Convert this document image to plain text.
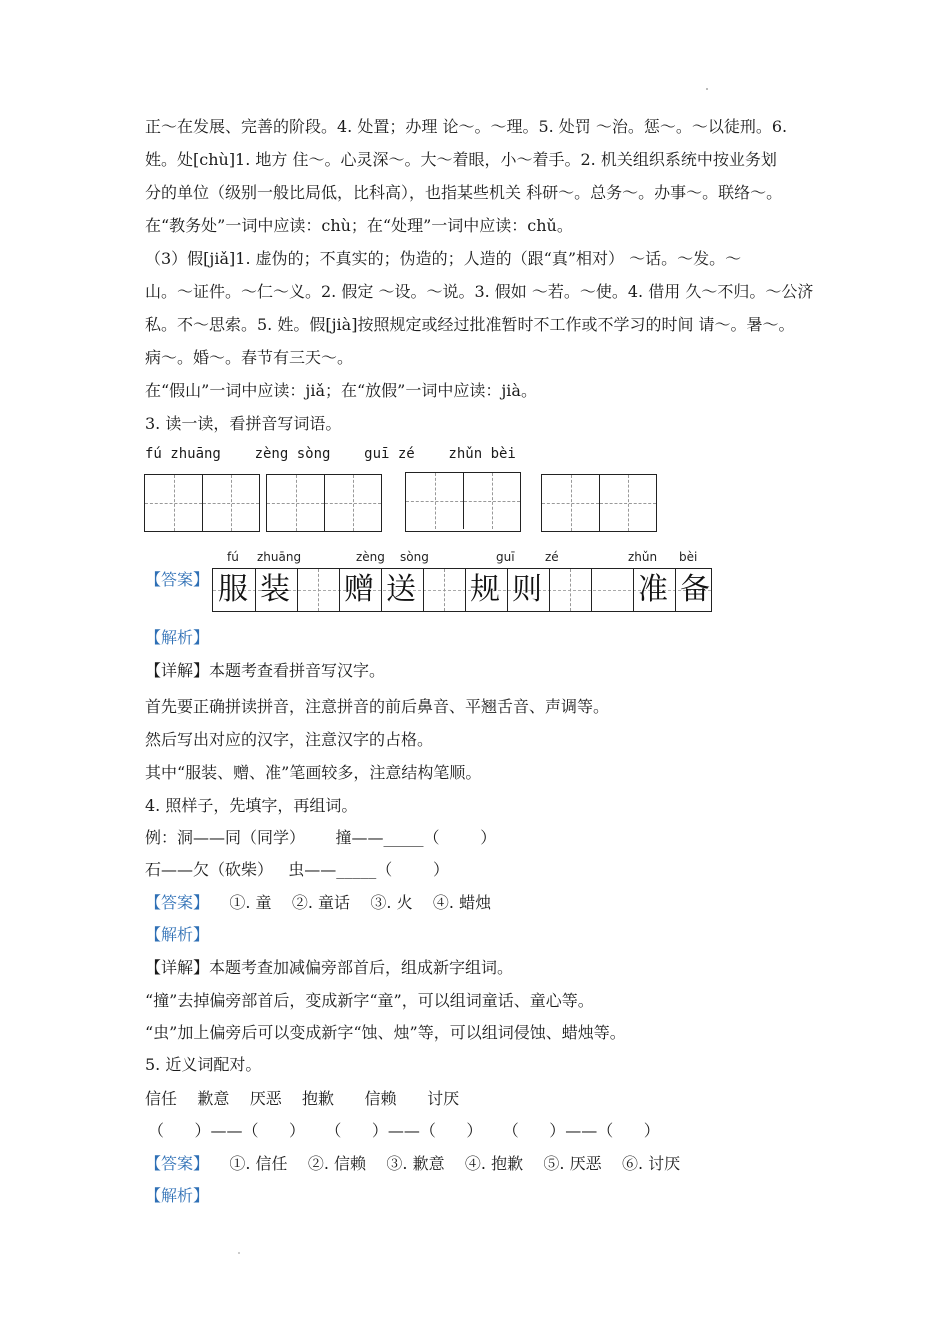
正～在发展、完善的阶段。4. 处置；办理 论～。～理。5. 处罚 ～治。惩～。～以徒刑。6.
姓。处[chù]1. 地方 住～。心灵深～。大～着眼，小～着手。2. 机关组织系统中按业务划
分的单位（级别一般比局低，比科高），也指某些机关 科研～。总务～。办事～。联络～。
在“教务处”一词中应读：chù；在“处理”一词中应读：chǔ。
（3）假[jiǎ]1. 虚伪的；不真实的；伪造的；人造的（跟“真”相对） ～话。～发。～
山。～证件。～仁～义。2. 假定 ～设。～说。3. 假如 ～若。～使。4. 借用 久～不归。～公济
私。不～思索。5. 姓。假[jià]按照规定或经过批准暂时不工作或不学习的时间 请～。暑～。
病～。婚～。春节有三天～。
在“假山”一词中应读：jiǎ；在“放假”一词中应读：jià。
3. 读一读，看拼音写词语。
fú zhuāng    zèng sòng    guī zé    zhǔn bèi
【答案】 服 装 赠 送 规 则	准 备
fú zhuāng	zèng sòng	guī	zé	zhǔn bèi
【解析】
【详解】本题考查看拼音写汉字。
首先要正确拼读拼音，注意拼音的前后鼻音、平翘舌音、声调等。
然后写出对应的汉字，注意汉字的占格。
其中“服装、赠、准”笔画较多，注意结构笔顺。
4. 照样子，先填字，再组词。
例：洞——同（同学）      撞——_____（        ）
石——欠（砍柴）   虫——_____（        ）
【答案】 ①. 童    ②. 童话    ③. 火    ④. 蜡烛
【解析】
【详解】本题考查加减偏旁部首后，组成新字组词。
“撞”去掉偏旁部首后，变成新字“童”，可以组词童话、童心等。
“虫”加上偏旁后可以变成新字“蚀、烛”等，可以组词侵蚀、蜡烛等。
5. 近义词配对。
信任    歉意    厌恶    抱歉      信赖      讨厌
（      ）——（      ）    （      ）——（      ）    （      ）——（      ）
【答案】 ①. 信任    ②. 信赖    ③. 歉意    ④. 抱歉    ⑤. 厌恶    ⑥. 讨厌
【解析】
